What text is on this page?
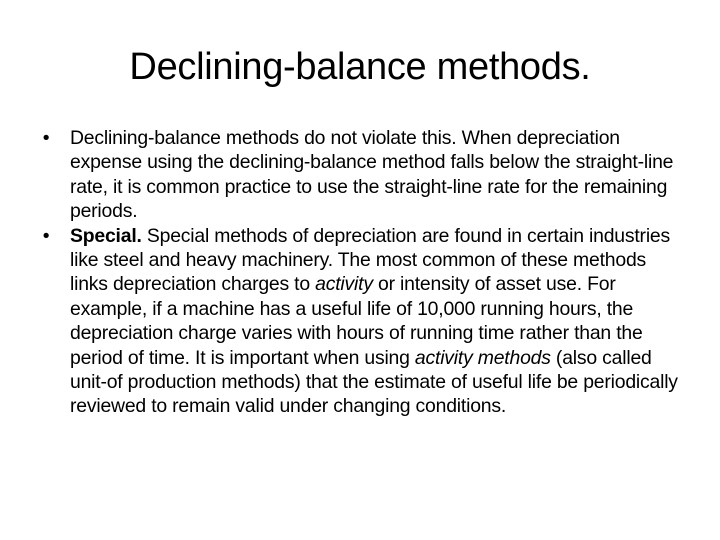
Declining-balance methods.
•	Declining-balance methods do not violate this. When depreciation expense using the declining-balance method falls below the straight-line rate, it is common practice to use the straight-line rate for the remaining periods.
•	Special. Special methods of depreciation are found in certain industries like steel and heavy machinery. The most common of these methods links depreciation charges to activity or intensity of asset use. For example, if a machine has a useful life of 10,000 running hours, the depreciation charge varies with hours of running time rather than the period of time. It is important when using activity methods (also called unit-of production methods) that the estimate of useful life be periodically reviewed to remain valid under changing conditions.
